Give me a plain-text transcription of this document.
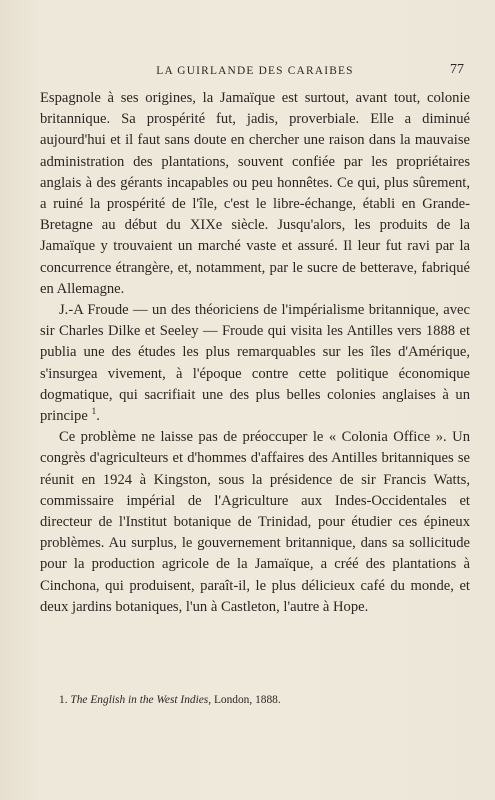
LA GUIRLANDE DES CARAIBES	77

Espagnole à ses origines, la Jamaïque est surtout, avant tout, colonie britannique. Sa prospérité fut, jadis, proverbiale. Elle a diminué aujourd'hui et il faut sans doute en chercher une raison dans la mauvaise administration des plantations, souvent confiée par les propriétaires anglais à des gérants incapables ou peu honnêtes. Ce qui, plus sûrement, a ruiné la prospérité de l'île, c'est le libre-échange, établi en Grande-Bretagne au début du XIXe siècle. Jusqu'alors, les produits de la Jamaïque y trouvaient un marché vaste et assuré. Il leur fut ravi par la concurrence étrangère, et, notamment, par le sucre de betterave, fabriqué en Allemagne.

J.-A Froude — un des théoriciens de l'impérialisme britannique, avec sir Charles Dilke et Seeley — Froude qui visita les Antilles vers 1888 et publia une des études les plus remarquables sur les îles d'Amérique, s'insurgea vivement, à l'époque contre cette politique économique dogmatique, qui sacrifiait une des plus belles colonies anglaises à un principe $^1$.

Ce problème ne laisse pas de préoccuper le « Colonia Office ». Un congrès d'agriculteurs et d'hommes d'affaires des Antilles britanniques se réunit en 1924 à Kingston, sous la présidence de sir Francis Watts, commissaire impérial de l'Agriculture aux Indes-Occidentales et directeur de l'Institut botanique de Trinidad, pour étudier ces épineux problèmes. Au surplus, le gouvernement britannique, dans sa sollicitude pour la production agricole de la Jamaïque, a créé des plantations à Cinchona, qui produisent, paraît-il, le plus délicieux café du monde, et deux jardins botaniques, l'un à Castleton, l'autre à Hope.

1. The English in the West Indies, London, 1888.
